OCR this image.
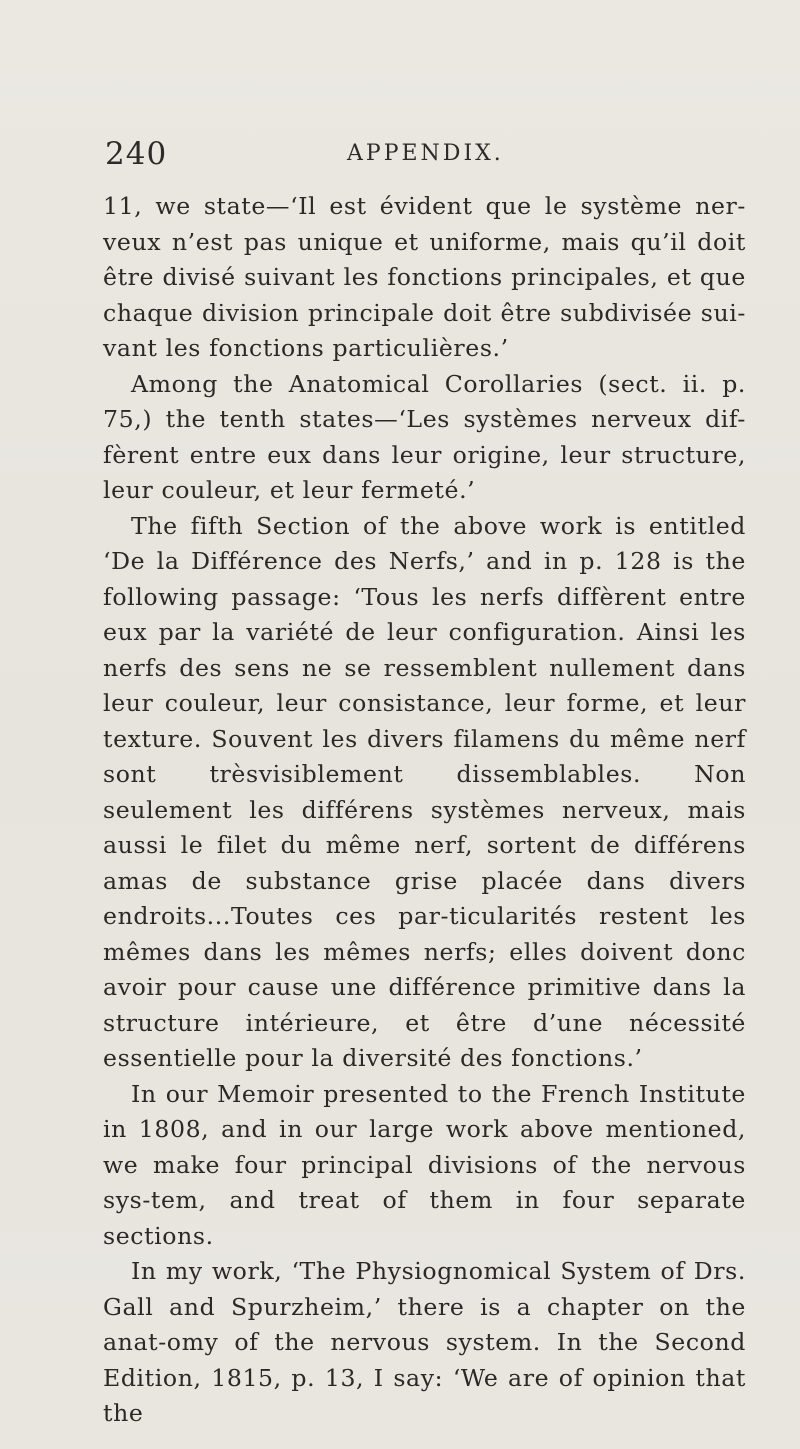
240	APPENDIX.

11, we state—‘Il est évident que le système ner-veux n’est pas unique et uniforme, mais qu’il doit être divisé suivant les fonctions principales, et que chaque division principale doit être subdivisée sui-vant les fonctions particulières.’

Among the Anatomical Corollaries (sect. ii. p. 75,) the tenth states—‘Les systèmes nerveux dif-fèrent entre eux dans leur origine, leur structure, leur couleur, et leur fermeté.’

The fifth Section of the above work is entitled ‘De la Différence des Nerfs,’ and in p. 128 is the following passage: ‘Tous les nerfs diffèrent entre eux par la variété de leur configuration. Ainsi les nerfs des sens ne se ressemblent nullement dans leur couleur, leur consistance, leur forme, et leur texture. Souvent les divers filamens du même nerf sont trèsvisiblement dissemblables. Non seulement les différens systèmes nerveux, mais aussi le filet du même nerf, sortent de différens amas de substance grise placée dans divers endroits...Toutes ces par-ticularités restent les mêmes dans les mêmes nerfs; elles doivent donc avoir pour cause une différence primitive dans la structure intérieure, et être d’une nécessité essentielle pour la diversité des fonctions.’

In our Memoir presented to the French Institute in 1808, and in our large work above mentioned, we make four principal divisions of the nervous sys-tem, and treat of them in four separate sections.

In my work, ‘The Physiognomical System of Drs. Gall and Spurzheim,’ there is a chapter on the anat-omy of the nervous system. In the Second Edition, 1815, p. 13, I say: ‘We are of opinion that the
